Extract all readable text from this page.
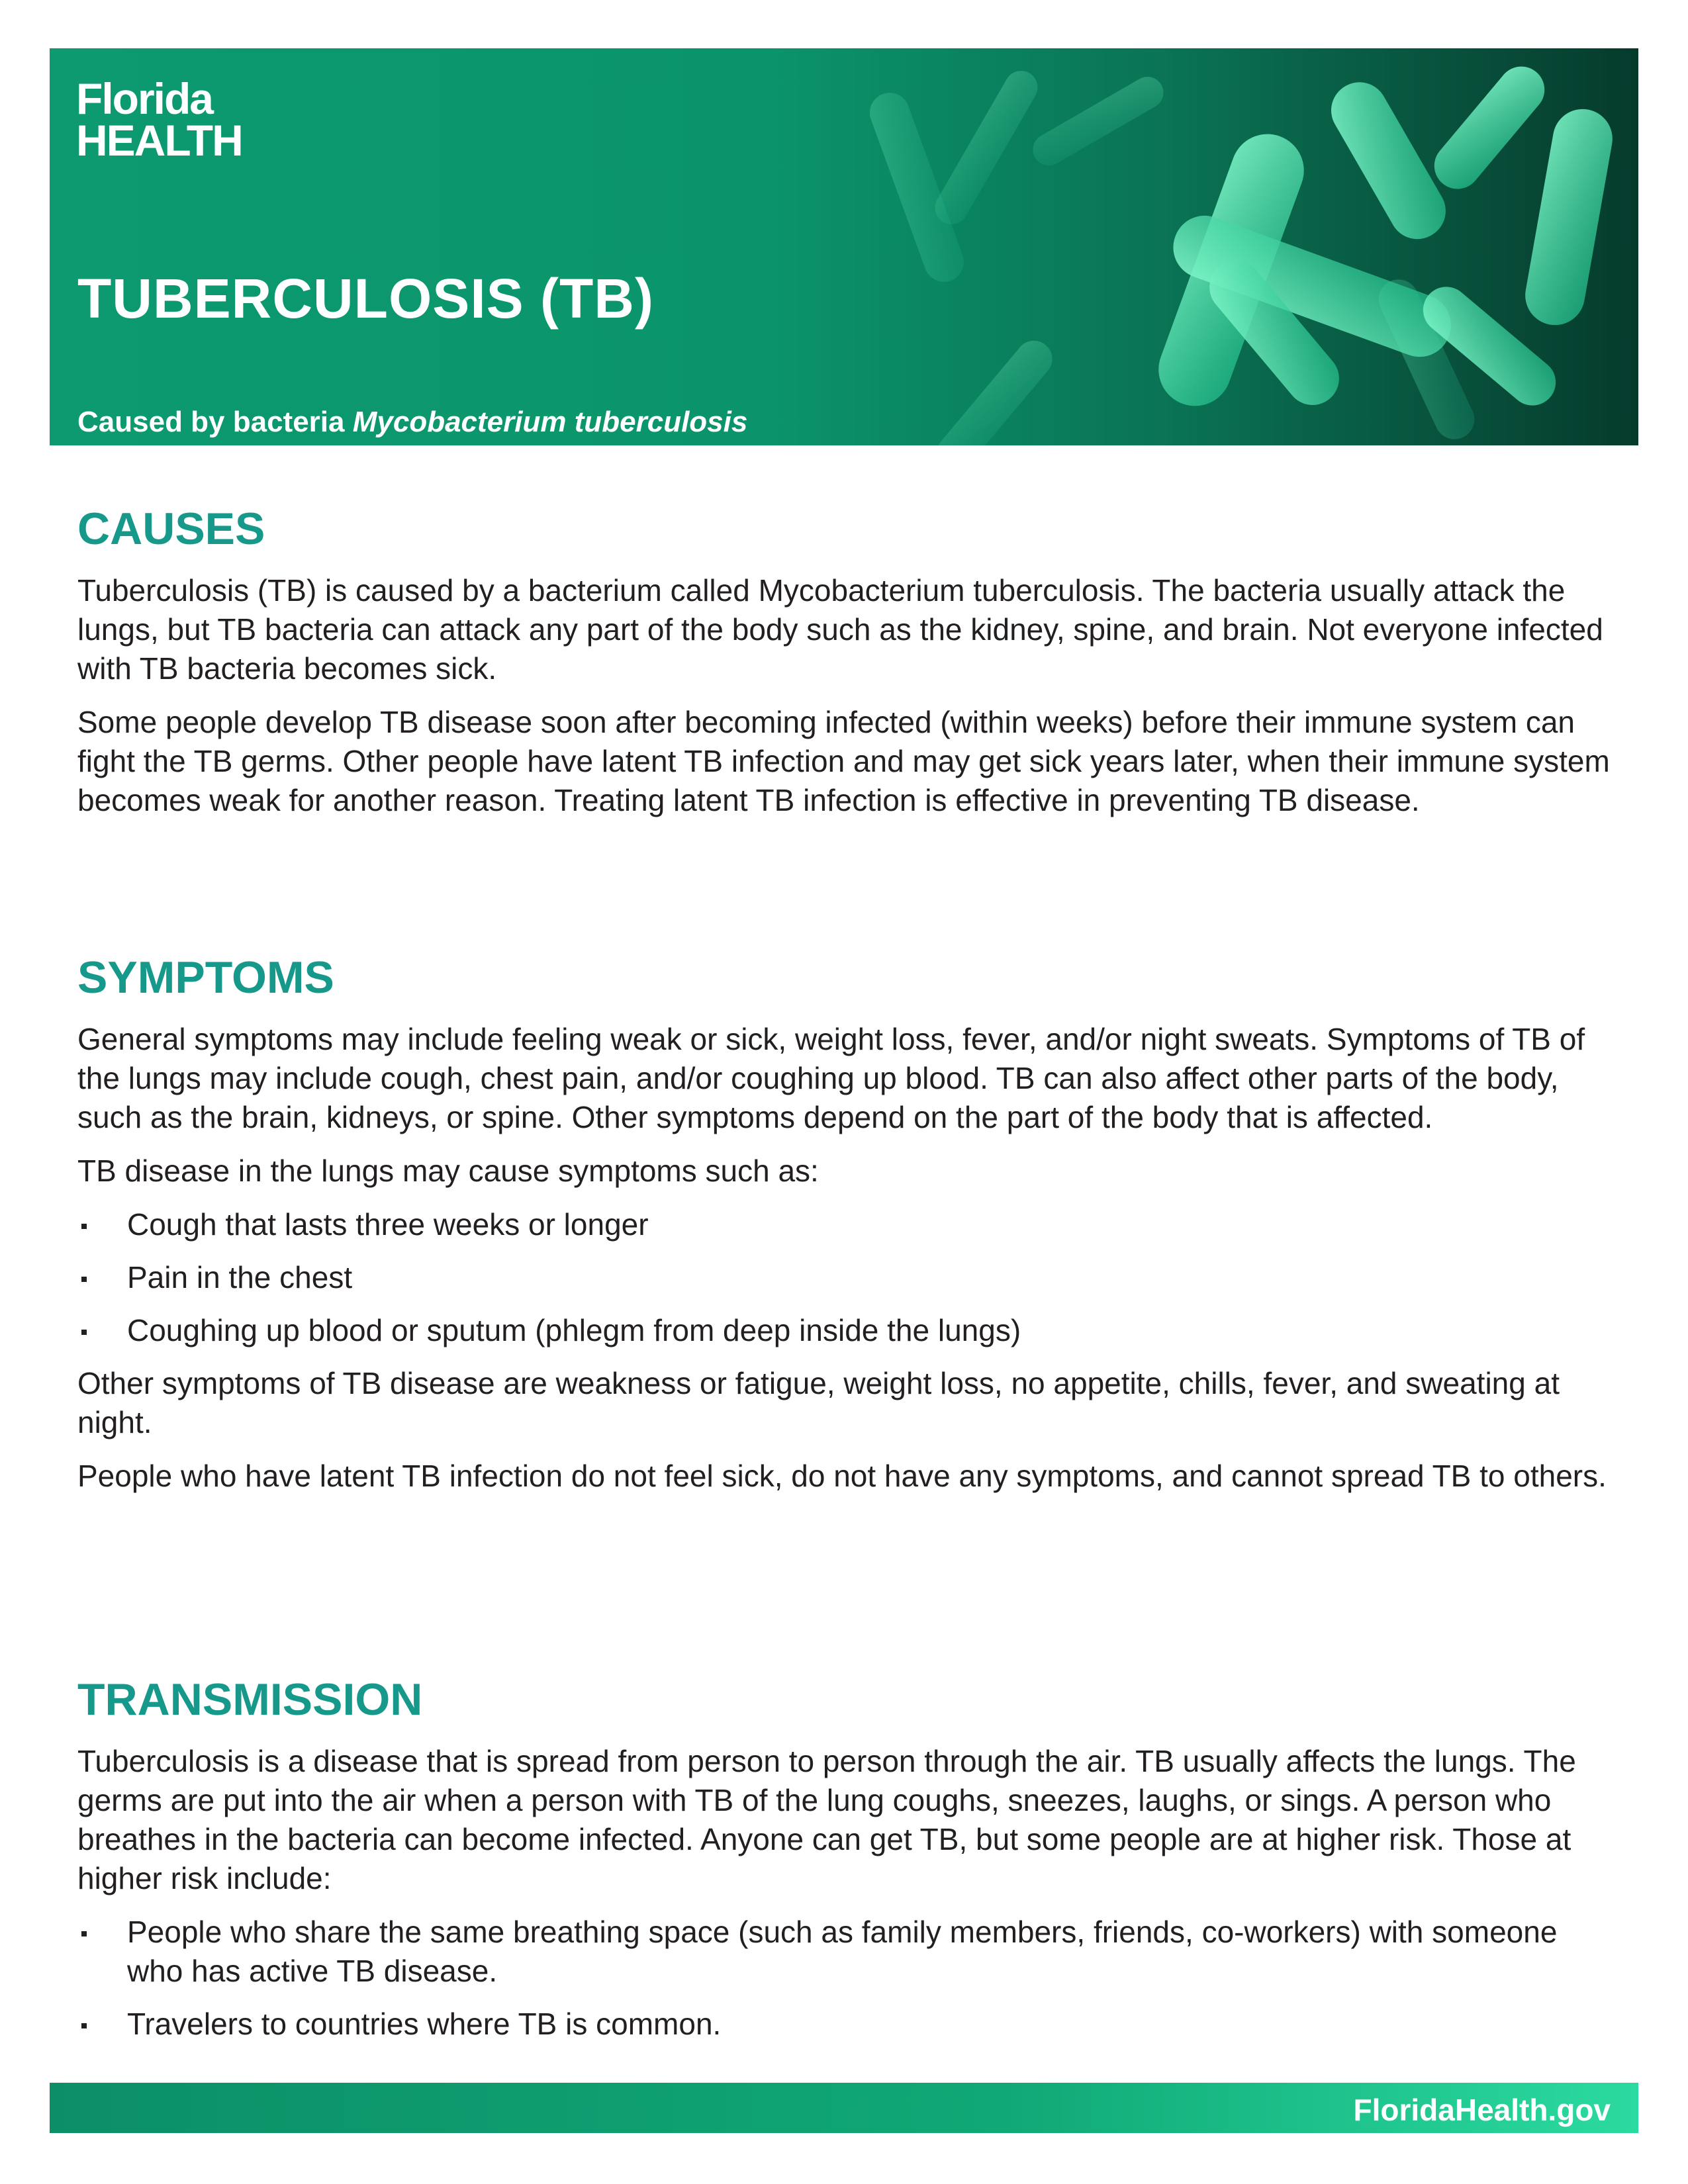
Florida
HEALTH
TUBERCULOSIS (TB)

Caused by bacteria Mycobacterium tuberculosis

CAUSES

Tuberculosis (TB) is caused by a bacterium called Mycobacterium tuberculosis. The bacteria usually attack the lungs, but TB bacteria can attack any part of the body such as the kidney, spine, and brain. Not everyone infected with TB bacteria becomes sick.

Some people develop TB disease soon after becoming infected (within weeks) before their immune system can fight the TB germs. Other people have latent TB infection and may get sick years later, when their immune system becomes weak for another reason. Treating latent TB infection is effective in preventing TB disease.

SYMPTOMS

General symptoms may include feeling weak or sick, weight loss, fever, and/or night sweats. Symptoms of TB of the lungs may include cough, chest pain, and/or coughing up blood. TB can also affect other parts of the body, such as the brain, kidneys, or spine. Other symptoms depend on the part of the body that is affected.

TB disease in the lungs may cause symptoms such as:

Cough that lasts three weeks or longer
Pain in the chest
Coughing up blood or sputum (phlegm from deep inside the lungs)

Other symptoms of TB disease are weakness or fatigue, weight loss, no appetite, chills, fever, and sweating at night.

People who have latent TB infection do not feel sick, do not have any symptoms, and cannot spread TB to others.

TRANSMISSION

Tuberculosis is a disease that is spread from person to person through the air. TB usually affects the lungs. The germs are put into the air when a person with TB of the lung coughs, sneezes, laughs, or sings. A person who breathes in the bacteria can become infected. Anyone can get TB, but some people are at higher risk. Those at higher risk include:

People who share the same breathing space (such as family members, friends, co-workers) with someone who has active TB disease.
Travelers to countries where TB is common.
FloridaHealth.gov
